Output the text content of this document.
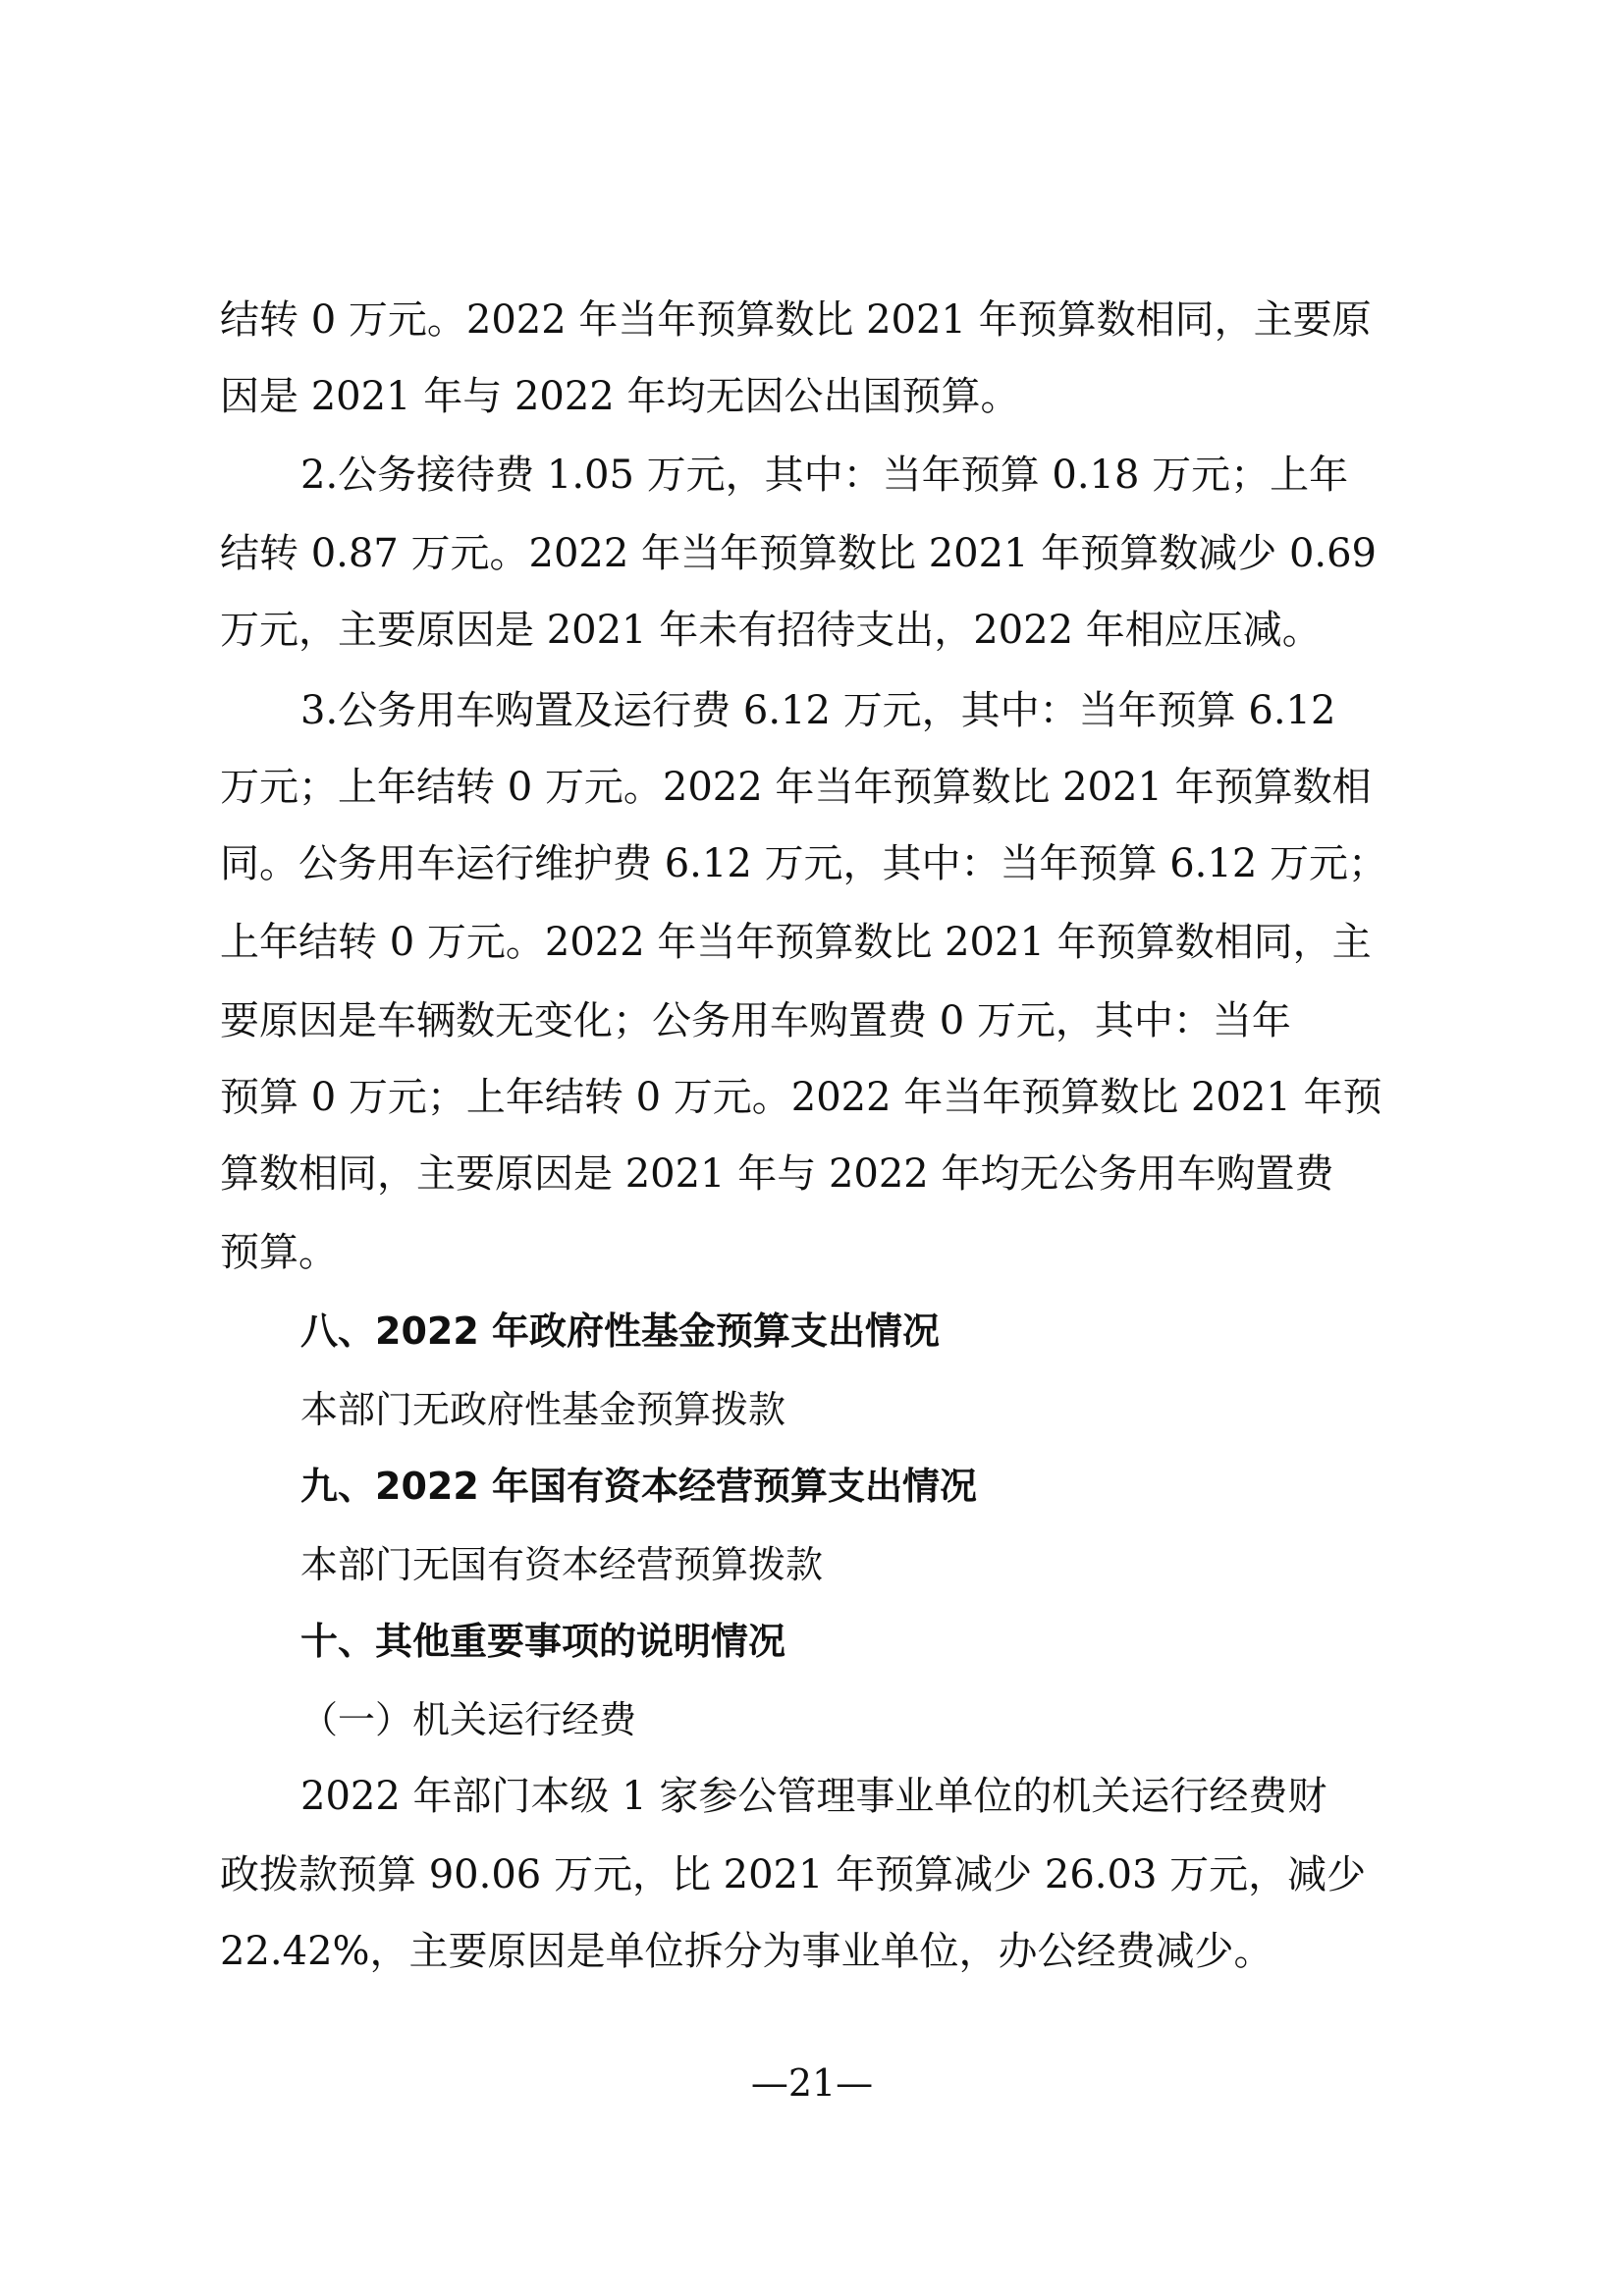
结转 0 万元。2022 年当年预算数比 2021 年预算数相同，主要原
因是 2021 年与 2022 年均无因公出国预算。
2.公务接待费 1.05 万元，其中：当年预算 0.18 万元；上年
结转 0.87 万元。2022 年当年预算数比 2021 年预算数减少 0.69
万元，主要原因是 2021 年未有招待支出，2022 年相应压减。
3.公务用车购置及运行费 6.12 万元，其中：当年预算 6.12
万元；上年结转 0 万元。2022 年当年预算数比 2021 年预算数相
同。公务用车运行维护费 6.12 万元，其中：当年预算 6.12 万元；
上年结转 0 万元。2022 年当年预算数比 2021 年预算数相同，主
要原因是车辆数无变化；公务用车购置费 0 万元，其中：当年
预算 0 万元；上年结转 0 万元。2022 年当年预算数比 2021 年预
算数相同，主要原因是 2021 年与 2022 年均无公务用车购置费
预算。
八、2022 年政府性基金预算支出情况
本部门无政府性基金预算拨款
九、2022 年国有资本经营预算支出情况
本部门无国有资本经营预算拨款
十、其他重要事项的说明情况
（一）机关运行经费
2022 年部门本级 1 家参公管理事业单位的机关运行经费财
政拨款预算 90.06 万元，比 2021 年预算减少 26.03 万元，减少
22.42%，主要原因是单位拆分为事业单位，办公经费减少。
—21—
